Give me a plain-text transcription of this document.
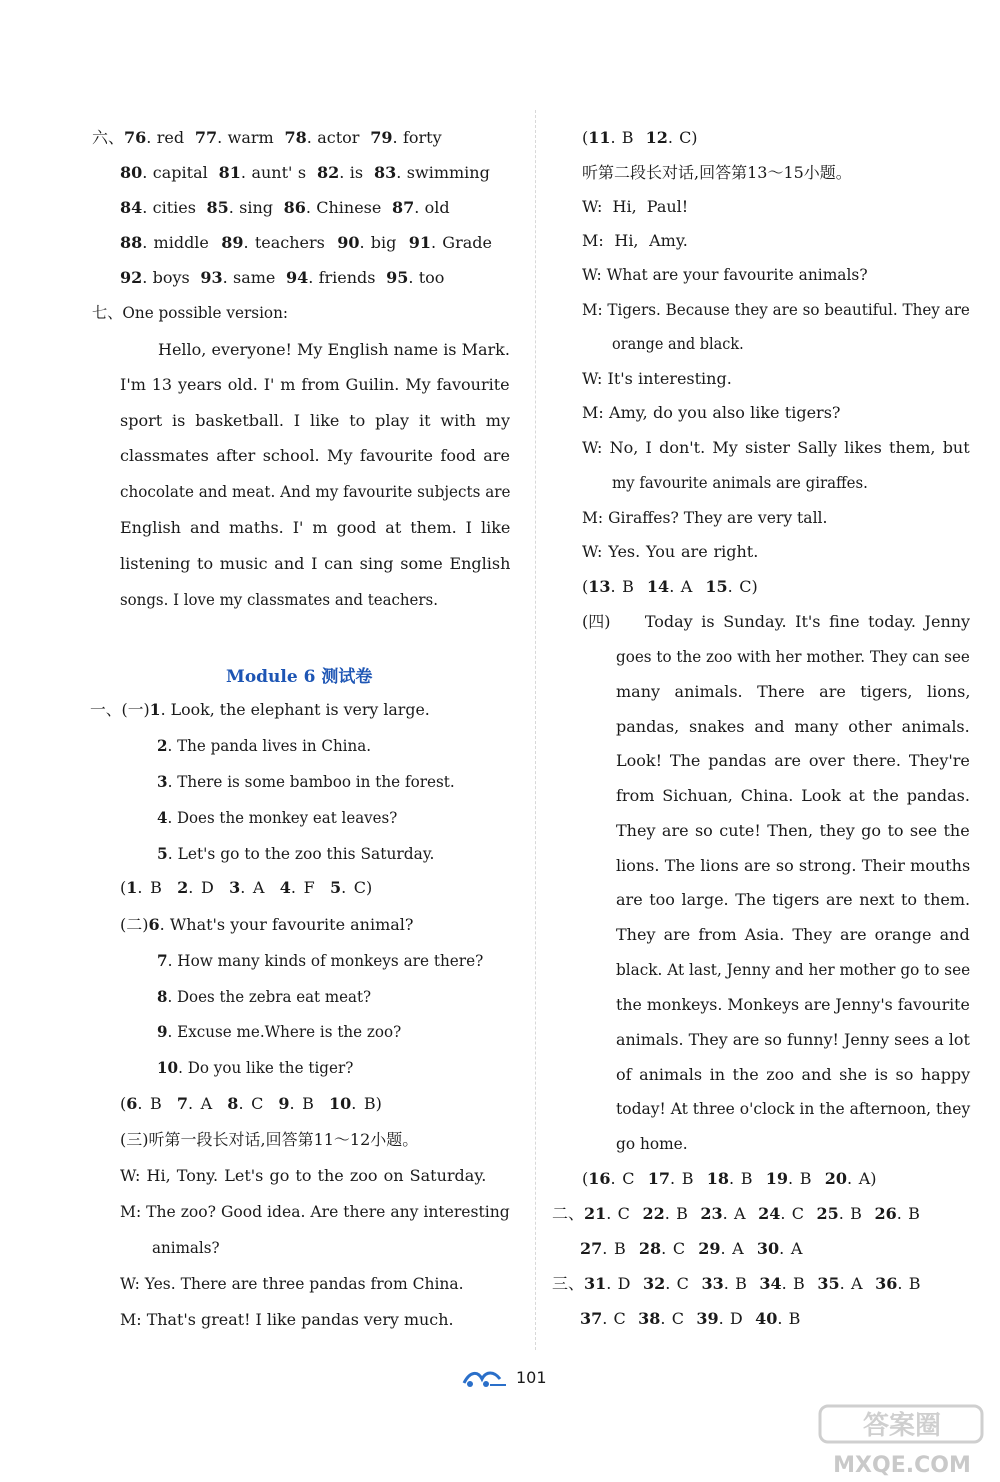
六、76. red  77. warm  78. actor  79. forty
80. capital  81. aunt' s  82. is  83. swimming
84. cities  85. sing  86. Chinese  87. old
88. middle  89. teachers  90. big  91. Grade
92. boys  93. same  94. friends  95. too
七、One possible version:
Hello, everyone! My English name is Mark.
I'm 13 years old. I' m from Guilin. My favourite
sport is basketball. I like to play it with my
classmates after school. My favourite food are
chocolate and meat. And my favourite subjects are
English and maths. I' m good at them. I like
listening to music and I can sing some English
songs. I love my classmates and teachers.
Module 6 测试卷
一、(一)1. Look, the elephant is very large.
2. The panda lives in China.
3. There is some bamboo in the forest.
4. Does the monkey eat leaves?
5. Let's go to the zoo this Saturday.
(1. B  2. D  3. A  4. F  5. C)
(二)6. What's your favourite animal?
7. How many kinds of monkeys are there?
8. Does the zebra eat meat?
9. Excuse me.Where is the zoo?
10. Do you like the tiger?
(6. B  7. A  8. C  9. B  10. B)
(三)听第一段长对话,回答第11～12小题。
W: Hi, Tony. Let's go to the zoo on Saturday.
M: The zoo? Good idea. Are there any interesting
animals?
W: Yes. There are three pandas from China.
M: That's great! I like pandas very much.
(11. B  12. C)
听第二段长对话,回答第13～15小题。
W: Hi, Paul!
M: Hi, Amy.
W: What are your favourite animals?
M: Tigers. Because they are so beautiful. They are
orange and black.
W: It's interesting.
M: Amy, do you also like tigers?
W: No, I don't. My sister Sally likes them, but
my favourite animals are giraffes.
M: Giraffes? They are very tall.
W: Yes. You are right.
(13. B  14. A  15. C)
(四)    Today is Sunday. It's fine today. Jenny
goes to the zoo with her mother. They can see
many animals. There are tigers, lions,
pandas, snakes and many other animals.
Look! The pandas are over there. They're
from Sichuan, China. Look at the pandas.
They are so cute! Then, they go to see the
lions. The lions are so strong. Their mouths
are too large. The tigers are next to them.
They are from Asia. They are orange and
black. At last, Jenny and her mother go to see
the monkeys. Monkeys are Jenny's favourite
animals. They are so funny! Jenny sees a lot
of animals in the zoo and she is so happy
today! At three o'clock in the afternoon, they
go home.
(16. C  17. B  18. B  19. B  20. A)
二、21. C  22. B  23. A  24. C  25. B  26. B
27. B  28. C  29. A  30. A
三、31. D  32. C  33. B  34. B  35. A  36. B
37. C  38. C  39. D  40. B
101
答案圈
MXQE.COM
